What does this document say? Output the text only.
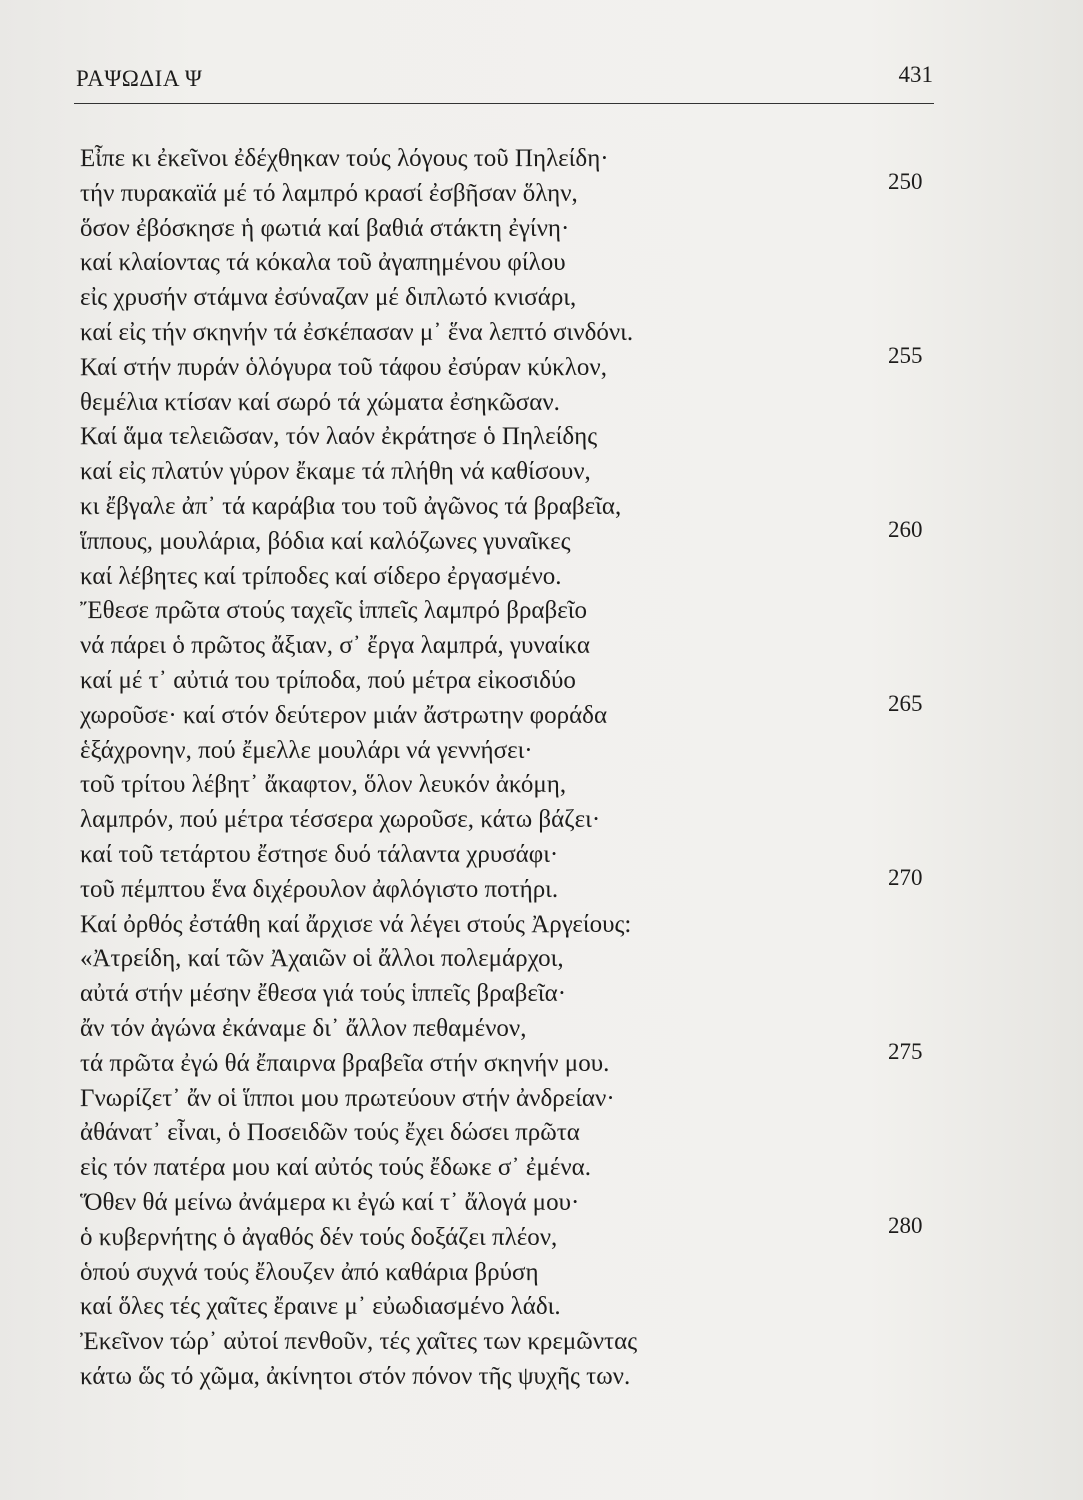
ΡΑΨΩΔΙΑ Ψ	431
Εἶπε κι ἐκεῖνοι ἐδέχθηκαν τούς λόγους τοῦ Πηλείδη·
τήν πυρακαϊά μέ τό λαμπρό κρασί ἐσβῆσαν ὅλην,	250
ὅσον ἐβόσκησε ἡ φωτιά καί βαθιά στάκτη ἐγίνη·
καί κλαίοντας τά κόκαλα τοῦ ἀγαπημένου φίλου
εἰς χρυσήν στάμνα ἐσύναζαν μέ διπλωτό κνισάρι,
καί εἰς τήν σκηνήν τά ἐσκέπασαν μ᾽ ἕνα λεπτό σινδόνι.
Καί στήν πυράν ὁλόγυρα τοῦ τάφου ἐσύραν κύκλον,	255
θεμέλια κτίσαν καί σωρό τά χώματα ἐσηκῶσαν.
Καί ἅμα τελειῶσαν, τόν λαόν ἐκράτησε ὁ Πηλείδης
καί εἰς πλατύν γύρον ἔκαμε τά πλήθη νά καθίσουν,
κι ἔβγαλε ἀπ᾽ τά καράβια του τοῦ ἀγῶνος τά βραβεῖα,
ἵππους, μουλάρια, βόδια καί καλόζωνες γυναῖκες	260
καί λέβητες καί τρίποδες καί σίδερο ἐργασμένο.
Ἔθεσε πρῶτα στούς ταχεῖς ἱππεῖς λαμπρό βραβεῖο
νά πάρει ὁ πρῶτος ἄξιαν, σ᾽ ἔργα λαμπρά, γυναίκα
καί μέ τ᾽ αὐτιά του τρίποδα, πού μέτρα εἰκοσιδύο
χωροῦσε· καί στόν δεύτερον μιάν ἄστρωτην φοράδα	265
ἑξάχρονην, πού ἔμελλε μουλάρι νά γεννήσει·
τοῦ τρίτου λέβητ᾽ ἄκαφτον, ὅλον λευκόν ἀκόμη,
λαμπρόν, πού μέτρα τέσσερα χωροῦσε, κάτω βάζει·
καί τοῦ τετάρτου ἔστησε δυό τάλαντα χρυσάφι·
τοῦ πέμπτου ἕνα διχέρουλον ἀφλόγιστο ποτήρι.	270
Καί ὀρθός ἐστάθη καί ἄρχισε νά λέγει στούς Ἀργείους:
«Ἀτρείδη, καί τῶν Ἀχαιῶν οἱ ἄλλοι πολεμάρχοι,
αὐτά στήν μέσην ἔθεσα γιά τούς ἱππεῖς βραβεῖα·
ἄν τόν ἀγώνα ἐκάναμε δι᾽ ἄλλον πεθαμένον,
τά πρῶτα ἐγώ θά ἔπαιρνα βραβεῖα στήν σκηνήν μου.	275
Γνωρίζετ᾽ ἄν οἱ ἵπποι μου πρωτεύουν στήν ἀνδρείαν·
ἀθάνατ᾽ εἶναι, ὁ Ποσειδῶν τούς ἔχει δώσει πρῶτα
εἰς τόν πατέρα μου καί αὐτός τούς ἔδωκε σ᾽ ἐμένα.
Ὅθεν θά μείνω ἀνάμερα κι ἐγώ καί τ᾽ ἄλογά μου·
ὁ κυβερνήτης ὁ ἀγαθός δέν τούς δοξάζει πλέον,	280
ὁπού συχνά τούς ἔλουζεν ἀπό καθάρια βρύση
καί ὅλες τές χαῖτες ἔραινε μ᾽ εὐωδιασμένο λάδι.
Ἐκεῖνον τώρ᾽ αὐτοί πενθοῦν, τές χαῖτες των κρεμῶντας
κάτω ὥς τό χῶμα, ἀκίνητοι στόν πόνον τῆς ψυχῆς των.
